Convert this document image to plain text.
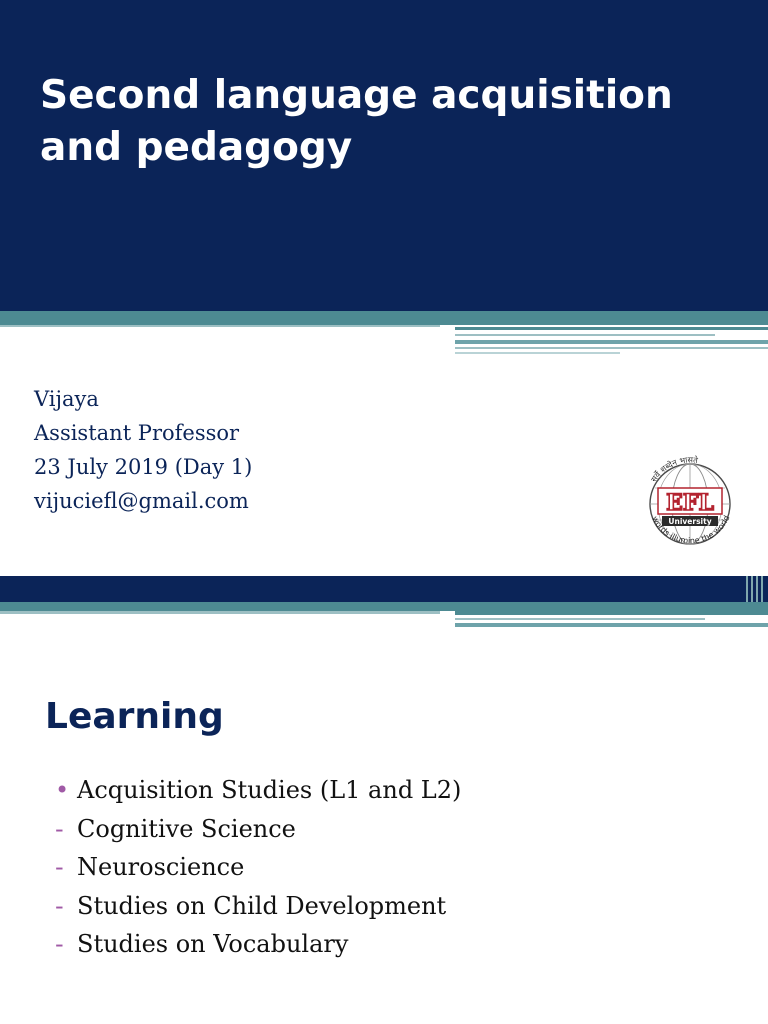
Second language acquisition and pedagogy
Vijaya
Assistant Professor
23 July 2019 (Day 1)
vijuciefl@gmail.com
सर्वे शब्देन भासते
EFL
University
words illumine the world
Learning
• Acquisition Studies (L1 and L2)
- Cognitive Science
- Neuroscience
- Studies on Child Development
- Studies on Vocabulary
